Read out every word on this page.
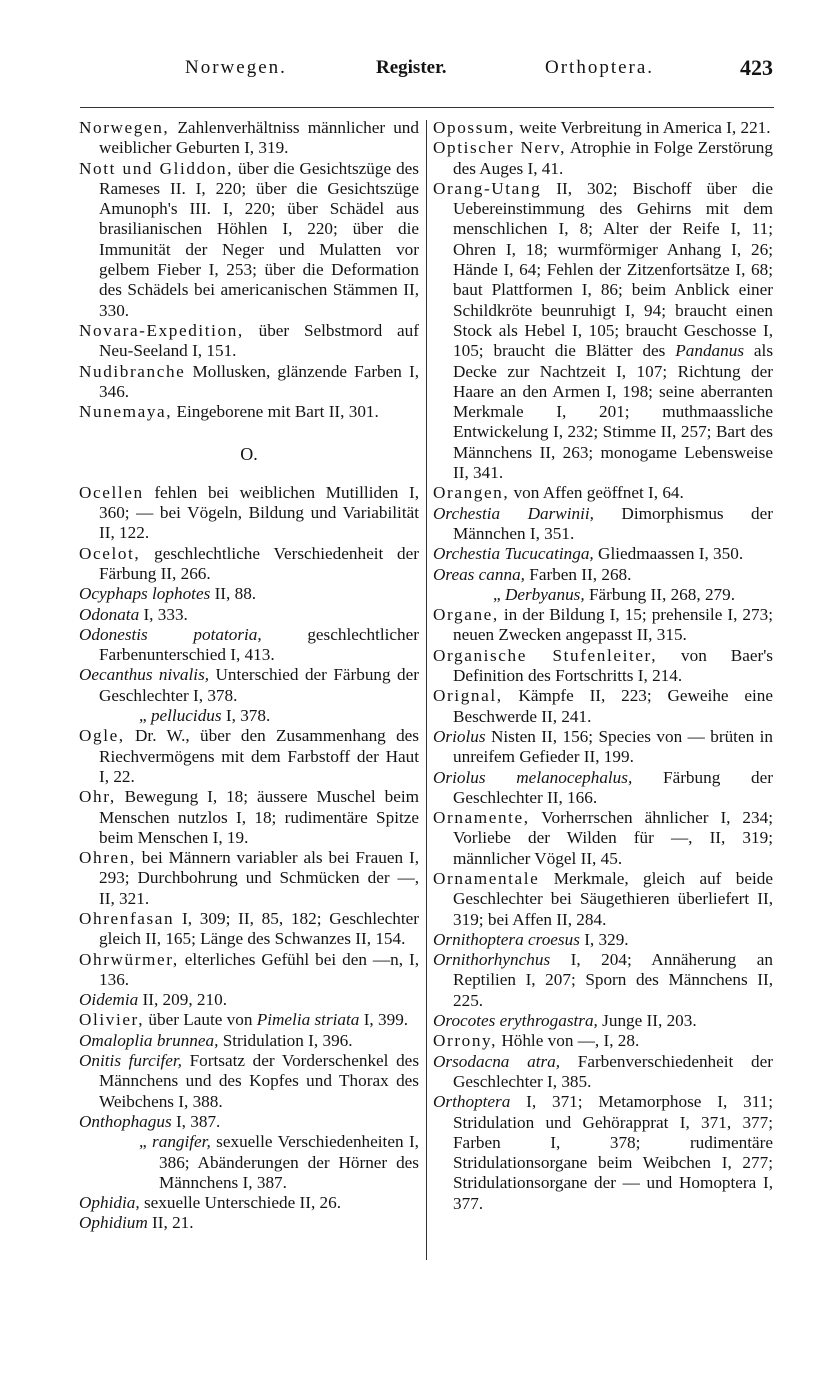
Norwegen.	Register.	Orthoptera.	423

Norwegen, Zahlenverhältniss männlicher und weiblicher Geburten I, 319.

Nott und Gliddon, über die Gesichtszüge des Rameses II. I, 220; über die Gesichtszüge Amunoph's III. I, 220; über Schädel aus brasilianischen Höhlen I, 220; über die Immunität der Neger und Mulatten vor gelbem Fieber I, 253; über die Deformation des Schädels bei americanischen Stämmen II, 330.

Novara-Expedition, über Selbstmord auf Neu-Seeland I, 151.

Nudibranche Mollusken, glänzende Farben I, 346.

Nunemaya, Eingeborene mit Bart II, 301.

O.

Ocellen fehlen bei weiblichen Mutilliden I, 360; — bei Vögeln, Bildung und Variabilität II, 122.

Ocelot, geschlechtliche Verschiedenheit der Färbung II, 266.

Ocyphaps lophotes II, 88.

Odonata I, 333.

Odonestis potatoria, geschlechtlicher Farbenunterschied I, 413.

Oecanthus nivalis, Unterschied der Färbung der Geschlechter I, 378.

„ pellucidus I, 378.

Ogle, Dr. W., über den Zusammenhang des Riechvermögens mit dem Farbstoff der Haut I, 22.

Ohr, Bewegung I, 18; äussere Muschel beim Menschen nutzlos I, 18; rudimentäre Spitze beim Menschen I, 19.

Ohren, bei Männern variabler als bei Frauen I, 293; Durchbohrung und Schmücken der —, II, 321.

Ohrenfasan I, 309; II, 85, 182; Geschlechter gleich II, 165; Länge des Schwanzes II, 154.

Ohrwürmer, elterliches Gefühl bei den —n, I, 136.

Oidemia II, 209, 210.

Olivier, über Laute von Pimelia striata I, 399.

Omaloplia brunnea, Stridulation I, 396.

Onitis furcifer, Fortsatz der Vorderschenkel des Männchens und des Kopfes und Thorax des Weibchens I, 388.

Onthophagus I, 387.

„ rangifer, sexuelle Verschiedenheiten I, 386; Abänderungen der Hörner des Männchens I, 387.

Ophidia, sexuelle Unterschiede II, 26.

Ophidium II, 21.

Opossum, weite Verbreitung in America I, 221.

Optischer Nerv, Atrophie in Folge Zerstörung des Auges I, 41.

Orang-Utang II, 302; Bischoff über die Uebereinstimmung des Gehirns mit dem menschlichen I, 8; Alter der Reife I, 11; Ohren I, 18; wurmförmiger Anhang I, 26; Hände I, 64; Fehlen der Zitzenfortsätze I, 68; baut Plattformen I, 86; beim Anblick einer Schildkröte beunruhigt I, 94; braucht einen Stock als Hebel I, 105; braucht Geschosse I, 105; braucht die Blätter des Pandanus als Decke zur Nachtzeit I, 107; Richtung der Haare an den Armen I, 198; seine aberranten Merkmale I, 201; muthmaassliche Entwickelung I, 232; Stimme II, 257; Bart des Männchens II, 263; monogame Lebensweise II, 341.

Orangen, von Affen geöffnet I, 64.

Orchestia Darwinii, Dimorphismus der Männchen I, 351.

Orchestia Tucucatinga, Gliedmaassen I, 350.

Oreas canna, Farben II, 268.

„ Derbyanus, Färbung II, 268, 279.

Organe, in der Bildung I, 15; prehensile I, 273; neuen Zwecken angepasst II, 315.

Organische Stufenleiter, von Baer's Definition des Fortschritts I, 214.

Orignal, Kämpfe II, 223; Geweihe eine Beschwerde II, 241.

Oriolus Nisten II, 156; Species von — brüten in unreifem Gefieder II, 199.

Oriolus melanocephalus, Färbung der Geschlechter II, 166.

Ornamente, Vorherrschen ähnlicher I, 234; Vorliebe der Wilden für —, II, 319; männlicher Vögel II, 45.

Ornamentale Merkmale, gleich auf beide Geschlechter bei Säugethieren überliefert II, 319; bei Affen II, 284.

Ornithoptera croesus I, 329.

Ornithorhynchus I, 204; Annäherung an Reptilien I, 207; Sporn des Männchens II, 225.

Orocotes erythrogastra, Junge II, 203.

Orrony, Höhle von —, I, 28.

Orsodacna atra, Farbenverschiedenheit der Geschlechter I, 385.

Orthoptera I, 371; Metamorphose I, 311; Stridulation und Gehörapprat I, 371, 377; Farben I, 378; rudimentäre Stridulationsorgane beim Weibchen I, 277; Stridulationsorgane der — und Homoptera I, 377.
